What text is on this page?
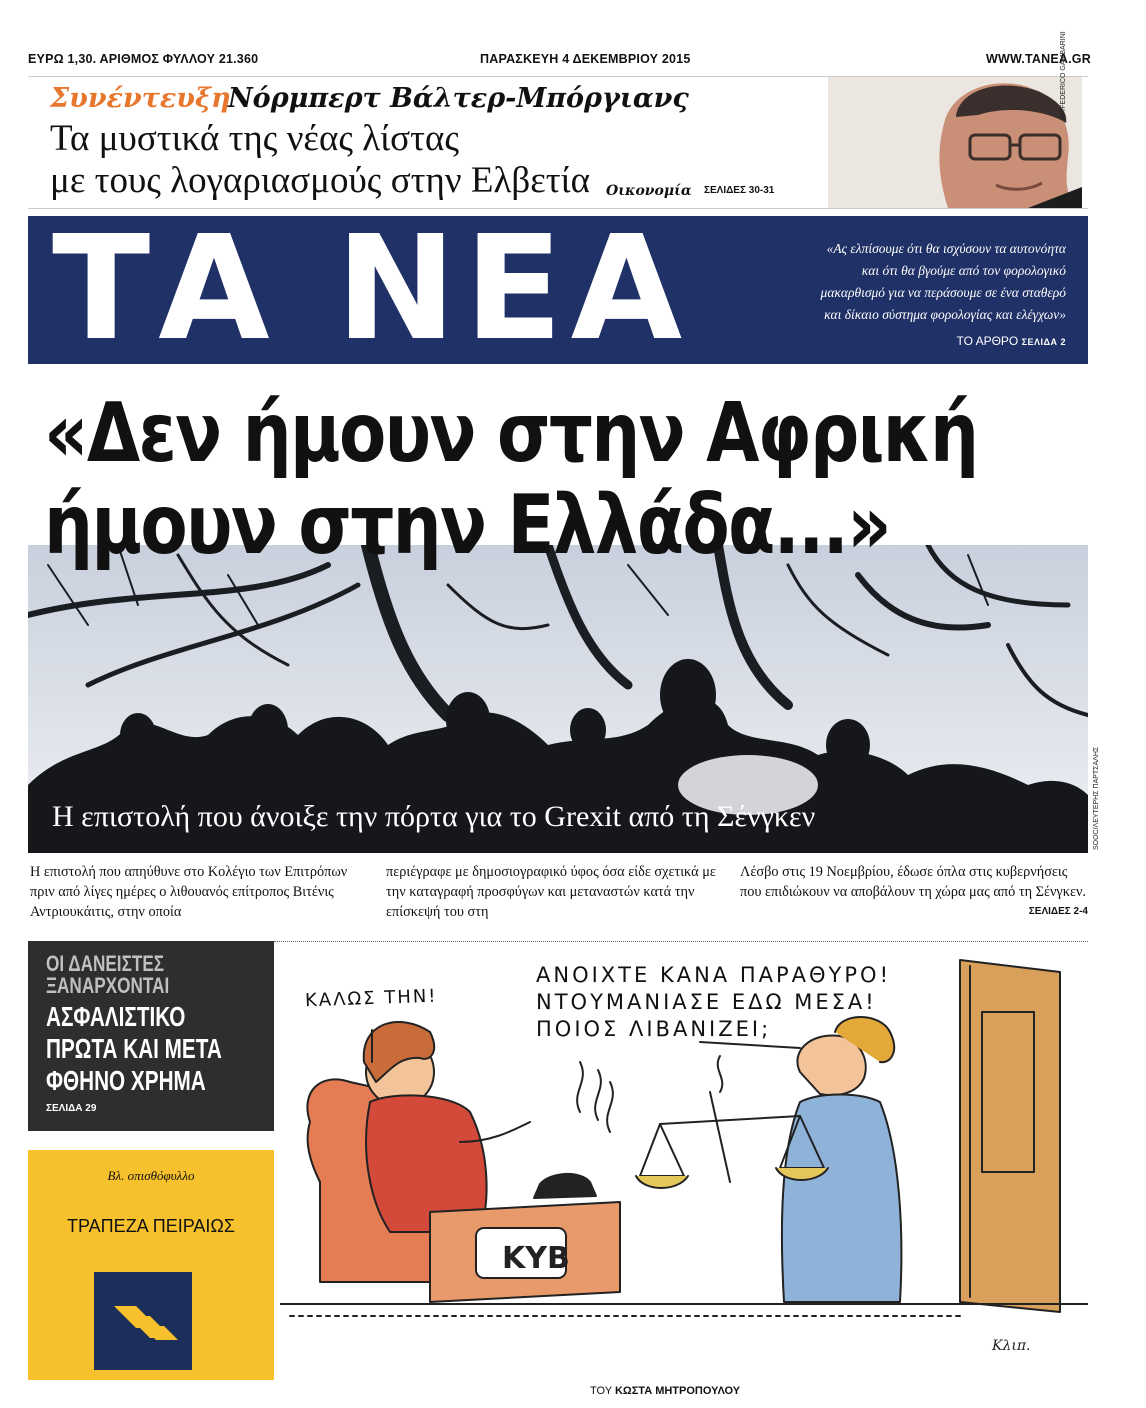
ΕΥΡΩ 1,30. ΑΡΙΘΜΟΣ ΦΥΛΛΟΥ 21.360	ΠΑΡΑΣΚΕΥΗ 4 ΔΕΚΕΜΒΡΙΟΥ 2015	WWW.TANEA.GR
Συνέντευξη
Νόρμπερτ Βάλτερ-Μπόργιανς
Τα μυστικά της νέας λίστας
με τους λογαριασμούς στην Ελβετία Οικονομία ΣΕΛΙΔΕΣ 30-31
AP/FEDERICO GAMBARINI
ΤΑ ΝΕΑ	«Ας ελπίσουμε ότι θα ισχύσουν τα αυτονόητα
και ότι θα βγούμε από τον φορολογικό
μακαρθισμό για να περάσουμε σε ένα σταθερό
και δίκαιο σύστημα φορολογίας και ελέγχων»
ΤΟ ΑΡΘΡΟ ΣΕΛΙΔΑ 2
«Δεν ήμουν στην Αφρική
ήμουν στην Ελλάδα...»
Η επιστολή που άνοιξε την πόρτα για το Grexit από τη Σένγκεν	SOOC/ΛΕΥΤΕΡΗΣ ΠΑΡΤΣΑΛΗΣ
Η επιστολή που απηύθυνε στο Κολέγιο των Επιτρόπων πριν από λίγες ημέρες ο λιθουανός επίτροπος Βιτένις Αντριουκάιτις, στην οποία
περιέγραφε με δημοσιογραφικό ύφος όσα είδε σχετικά με την καταγραφή προσφύγων και μεταναστών κατά την επίσκεψή του στη
Λέσβο στις 19 Νοεμβρίου, έδωσε όπλα στις κυβερνήσεις που επιδιώκουν να αποβάλουν τη χώρα μας από τη Σένγκεν.
ΣΕΛΙΔΕΣ 2-4
ΟΙ ΔΑΝΕΙΣΤΕΣ
ΞΑΝΑΡΧΟΝΤΑΙ
ΑΣΦΑΛΙΣΤΙΚΟ
ΠΡΩΤΑ ΚΑΙ ΜΕΤΑ
ΦΘΗΝΟ ΧΡΗΜΑ
ΣΕΛΙΔΑ 29
Βλ. οπισθόφυλλο
ΤΡΑΠΕΖΑ ΠΕΙΡΑΙΩΣ
ΚΥΒ
Κλιπ.
ΚΑΛΩΣ ΤΗΝ!
ΑΝΟΙΧΤΕ ΚΑΝΑ ΠΑΡΑΘΥΡΟ!
ΝΤΟΥΜΑΝΙΑΣΕ ΕΔΩ ΜΕΣΑ!
ΠΟΙΟΣ ΛΙΒΑΝΙΖΕΙ;
ΤΟΥ ΚΩΣΤΑ ΜΗΤΡΟΠΟΥΛΟΥ
